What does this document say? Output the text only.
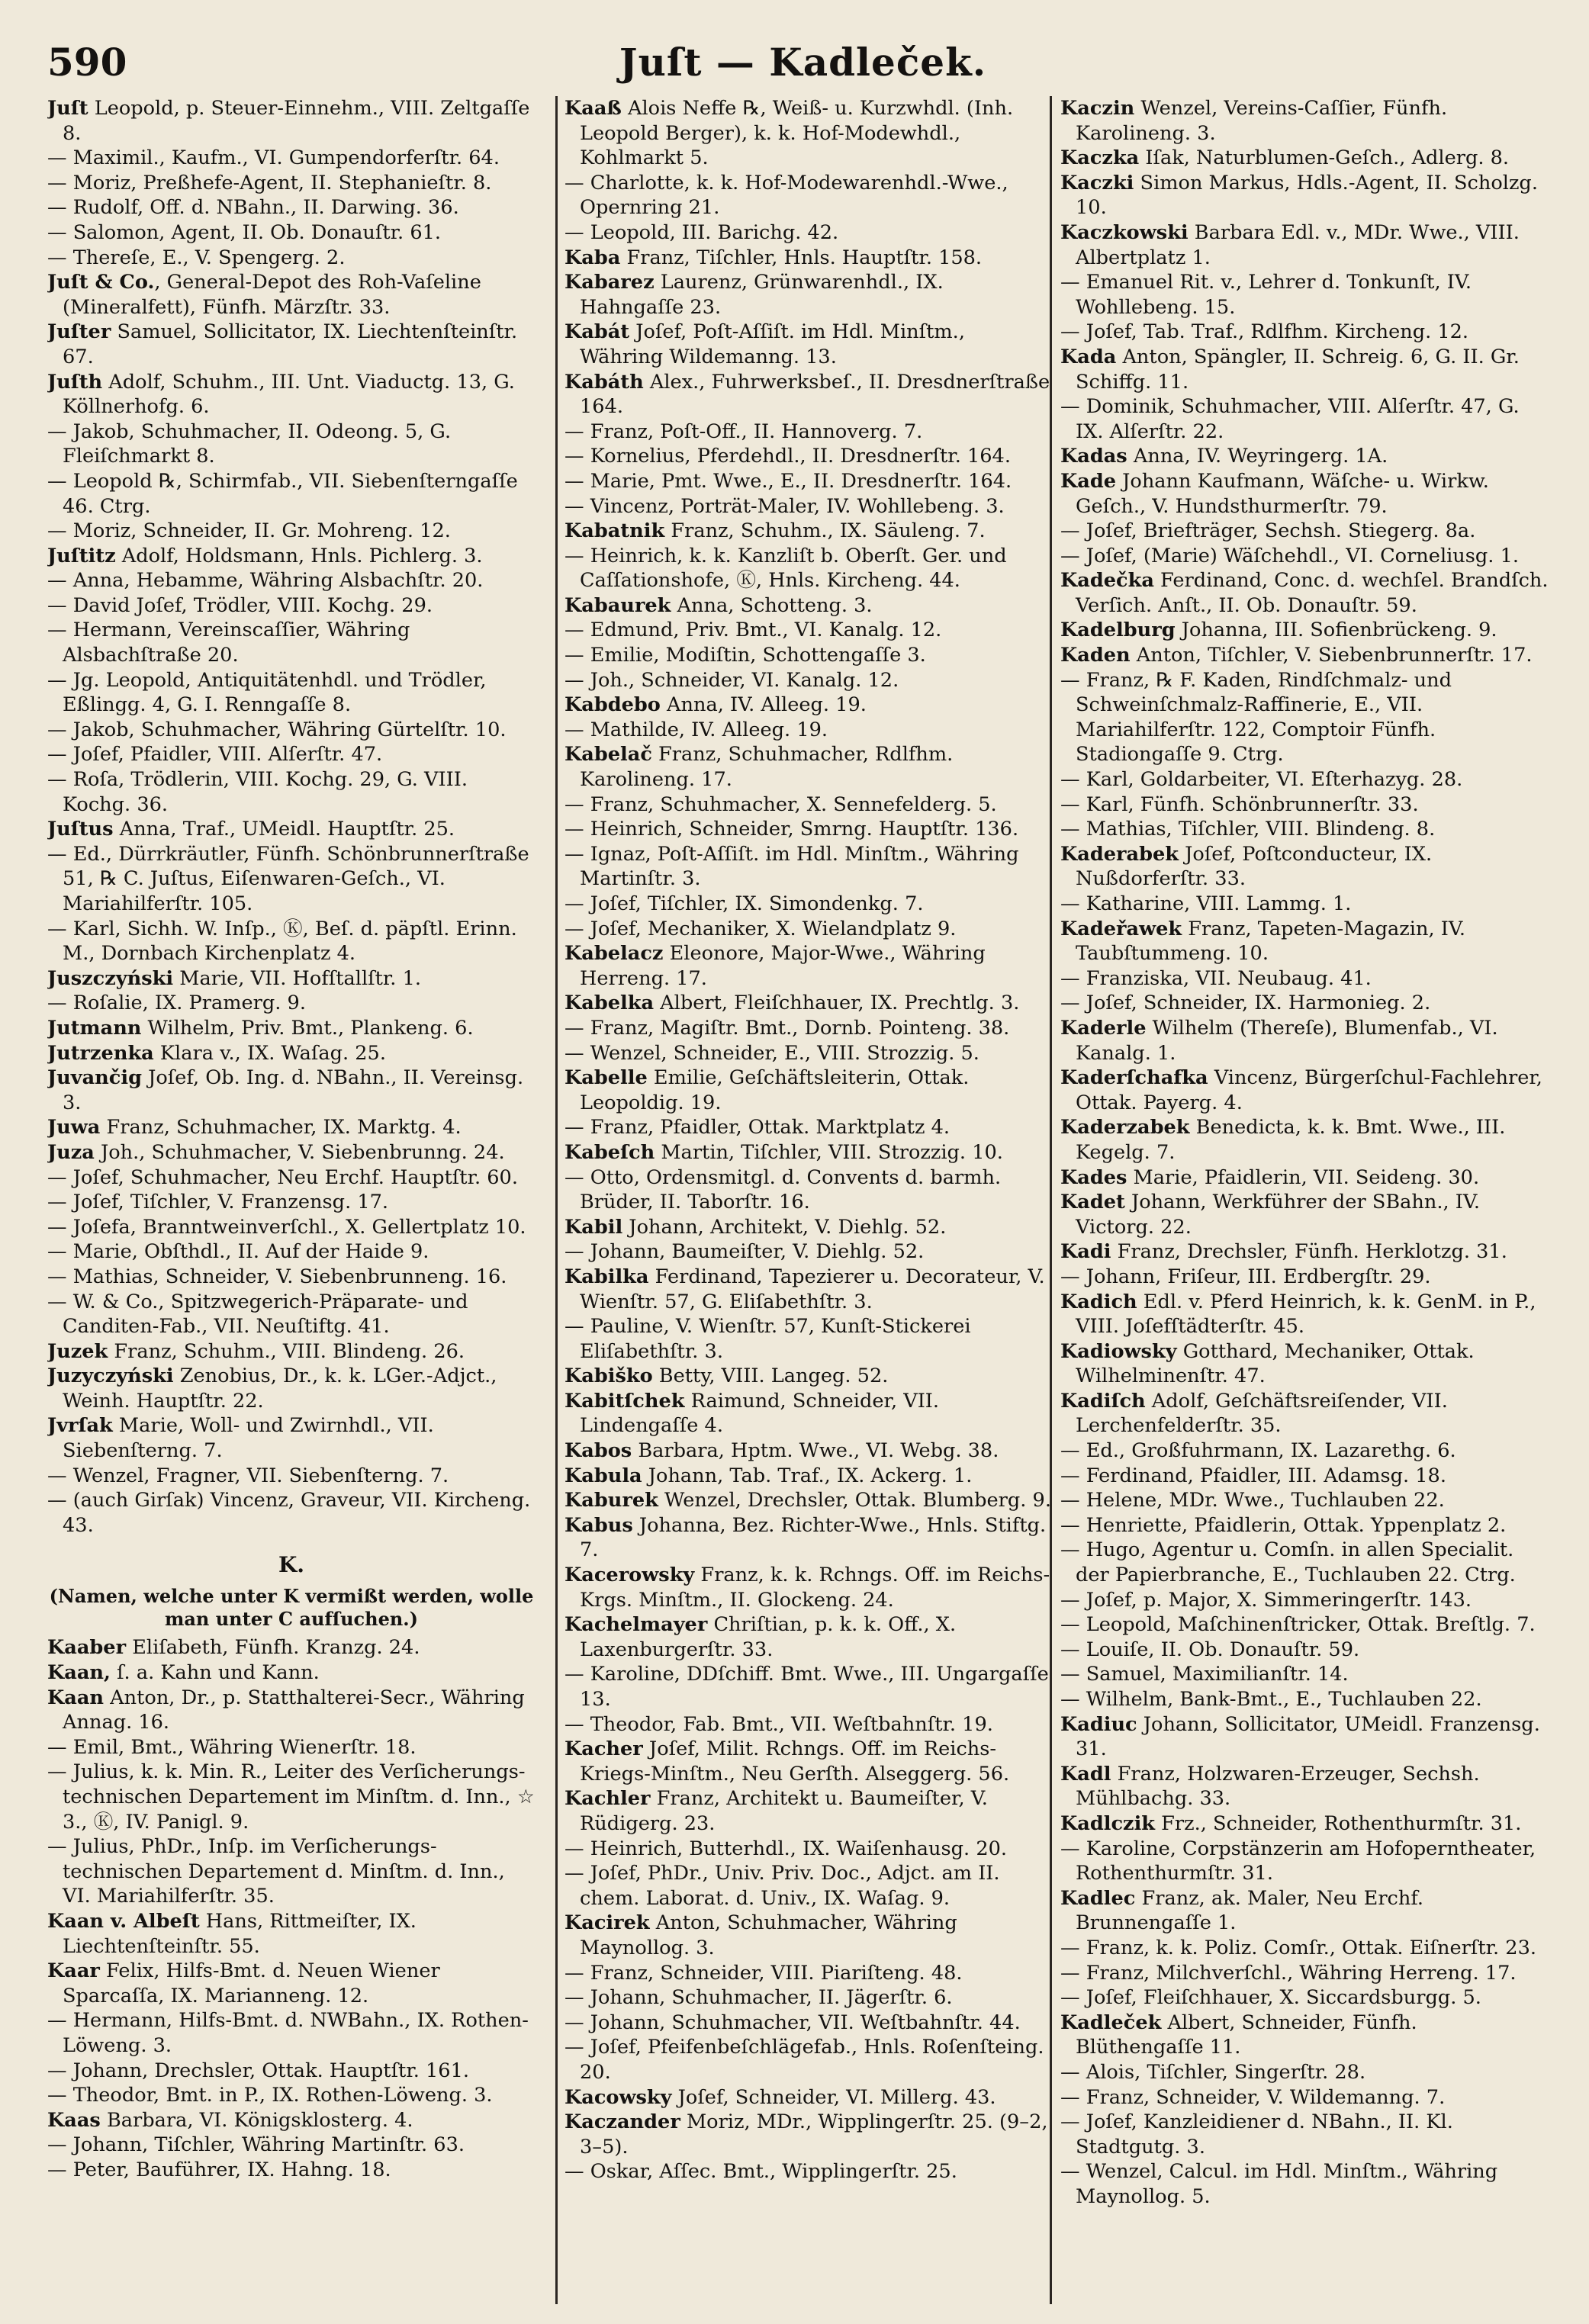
590	Juſt — Kadleček.

Juſt Leopold, p. Steuer-Einnehm., VIII. Zeltgaſſe 8.

— Maximil., Kaufm., VI. Gumpendorferſtr. 64.

— Moriz, Preßhefe-Agent, II. Stephanieſtr. 8.

— Rudolf, Off. d. NBahn., II. Darwing. 36.

— Salomon, Agent, II. Ob. Donauſtr. 61.

— Thereſe, E., V. Spengerg. 2.

Juſt & Co., General-Depot des Roh-Vaſeline (Mineralfett), Fünfh. Märzſtr. 33.

Juſter Samuel, Sollicitator, IX. Liechtenſteinſtr. 67.

Juſth Adolf, Schuhm., III. Unt. Viaductg. 13, G. Köllnerhofg. 6.

— Jakob, Schuhmacher, II. Odeong. 5, G. Fleiſchmarkt 8.

— Leopold ℞, Schirmfab., VII. Siebenſterngaſſe 46. Ctrg.

— Moriz, Schneider, II. Gr. Mohreng. 12.

Juſtitz Adolf, Holdsmann, Hnls. Pichlerg. 3.

— Anna, Hebamme, Währing Alsbachſtr. 20.

— David Joſef, Trödler, VIII. Kochg. 29.

— Hermann, Vereinscaſſier, Währing Alsbachſtraße 20.

— Jg. Leopold, Antiquitätenhdl. und Trödler, Eßlingg. 4, G. I. Renngaſſe 8.

— Jakob, Schuhmacher, Währing Gürtelſtr. 10.

— Joſef, Pfaidler, VIII. Alſerſtr. 47.

— Roſa, Trödlerin, VIII. Kochg. 29, G. VIII. Kochg. 36.

Juſtus Anna, Traf., UMeidl. Hauptſtr. 25.

— Ed., Dürrkräutler, Fünfh. Schönbrunnerſtraße 51, ℞ C. Juſtus, Eiſenwaren-Geſch., VI. Mariahilferſtr. 105.

— Karl, Sichh. W. Inſp., Ⓚ, Beſ. d. päpſtl. Erinn. M., Dornbach Kirchenplatz 4.

Juszczyński Marie, VII. Hofſtallſtr. 1.

— Roſalie, IX. Pramerg. 9.

Jutmann Wilhelm, Priv. Bmt., Plankeng. 6.

Jutrzenka Klara v., IX. Waſag. 25.

Juvančig Joſef, Ob. Ing. d. NBahn., II. Vereinsg. 3.

Juwa Franz, Schuhmacher, IX. Marktg. 4.

Juza Joh., Schuhmacher, V. Siebenbrunng. 24.

— Joſef, Schuhmacher, Neu Erchf. Hauptſtr. 60.

— Joſef, Tiſchler, V. Franzensg. 17.

— Joſefa, Branntweinverſchl., X. Gellertplatz 10.

— Marie, Obſthdl., II. Auf der Haide 9.

— Mathias, Schneider, V. Siebenbrunneng. 16.

— W. & Co., Spitzwegerich-Präparate- und Canditen-Fab., VII. Neuſtiftg. 41.

Juzek Franz, Schuhm., VIII. Blindeng. 26.

Juzyczyński Zenobius, Dr., k. k. LGer.-Adjct., Weinh. Hauptſtr. 22.

Jvrſak Marie, Woll- und Zwirnhdl., VII. Siebenſterng. 7.

— Wenzel, Fragner, VII. Siebenſterng. 7.

— (auch Girſak) Vincenz, Graveur, VII. Kircheng. 43.

K.
(Namen, welche unter K vermißt werden, wolle man unter C aufſuchen.)

Kaaber Eliſabeth, Fünfh. Kranzg. 24.

Kaan, ſ. a. Kahn und Kann.

Kaan Anton, Dr., p. Statthalterei-Secr., Währing Annag. 16.

— Emil, Bmt., Währing Wienerſtr. 18.

— Julius, k. k. Min. R., Leiter des Verſicherungs-technischen Departement im Minſtm. d. Inn., ☆ 3., Ⓚ, IV. Panigl. 9.

— Julius, PhDr., Inſp. im Verſicherungs-technischen Departement d. Minſtm. d. Inn., VI. Mariahilferſtr. 35.

Kaan v. Albeſt Hans, Rittmeiſter, IX. Liechtenſteinſtr. 55.

Kaar Felix, Hilfs-Bmt. d. Neuen Wiener Sparcaſſa, IX. Marianneng. 12.

— Hermann, Hilfs-Bmt. d. NWBahn., IX. Rothen-Löweng. 3.

— Johann, Drechsler, Ottak. Hauptſtr. 161.

— Theodor, Bmt. in P., IX. Rothen-Löweng. 3.

Kaas Barbara, VI. Königsklosterg. 4.

— Johann, Tiſchler, Währing Martinſtr. 63.

— Peter, Bauführer, IX. Hahng. 18.

Kaaß Alois Neffe ℞, Weiß- u. Kurzwhdl. (Inh. Leopold Berger), k. k. Hof-Modewhdl., Kohlmarkt 5.

— Charlotte, k. k. Hof-Modewarenhdl.-Wwe., Opernring 21.

— Leopold, III. Barichg. 42.

Kaba Franz, Tiſchler, Hnls. Hauptſtr. 158.

Kabarez Laurenz, Grünwarenhdl., IX. Hahngaſſe 23.

Kabát Joſef, Poſt-Aſſiſt. im Hdl. Minſtm., Währing Wildemanng. 13.

Kabáth Alex., Fuhrwerksbeſ., II. Dresdnerſtraße 164.

— Franz, Poſt-Off., II. Hannoverg. 7.

— Kornelius, Pferdehdl., II. Dresdnerſtr. 164.

— Marie, Pmt. Wwe., E., II. Dresdnerſtr. 164.

— Vincenz, Porträt-Maler, IV. Wohllebeng. 3.

Kabatnik Franz, Schuhm., IX. Säuleng. 7.

— Heinrich, k. k. Kanzliſt b. Oberſt. Ger. und Caſſationshofe, Ⓚ, Hnls. Kircheng. 44.

Kabaurek Anna, Schotteng. 3.

— Edmund, Priv. Bmt., VI. Kanalg. 12.

— Emilie, Modiſtin, Schottengaſſe 3.

— Joh., Schneider, VI. Kanalg. 12.

Kabdebo Anna, IV. Alleeg. 19.

— Mathilde, IV. Alleeg. 19.

Kabelač Franz, Schuhmacher, Rdlfhm. Karolineng. 17.

— Franz, Schuhmacher, X. Sennefelderg. 5.

— Heinrich, Schneider, Smrng. Hauptſtr. 136.

— Ignaz, Poſt-Aſſiſt. im Hdl. Minſtm., Währing Martinſtr. 3.

— Joſef, Tiſchler, IX. Simondenkg. 7.

— Joſef, Mechaniker, X. Wielandplatz 9.

Kabelacz Eleonore, Major-Wwe., Währing Herreng. 17.

Kabelka Albert, Fleiſchhauer, IX. Prechtlg. 3.

— Franz, Magiſtr. Bmt., Dornb. Pointeng. 38.

— Wenzel, Schneider, E., VIII. Strozzig. 5.

Kabelle Emilie, Geſchäftsleiterin, Ottak. Leopoldig. 19.

— Franz, Pfaidler, Ottak. Marktplatz 4.

Kabeſch Martin, Tiſchler, VIII. Strozzig. 10.

— Otto, Ordensmitgl. d. Convents d. barmh. Brüder, II. Taborſtr. 16.

Kabil Johann, Architekt, V. Diehlg. 52.

— Johann, Baumeiſter, V. Diehlg. 52.

Kabilka Ferdinand, Tapezierer u. Decorateur, V. Wienſtr. 57, G. Eliſabethſtr. 3.

— Pauline, V. Wienſtr. 57, Kunſt-Stickerei Eliſabethſtr. 3.

Kabiško Betty, VIII. Langeg. 52.

Kabitſchek Raimund, Schneider, VII. Lindengaſſe 4.

Kabos Barbara, Hptm. Wwe., VI. Webg. 38.

Kabula Johann, Tab. Traf., IX. Ackerg. 1.

Kaburek Wenzel, Drechsler, Ottak. Blumberg. 9.

Kabus Johanna, Bez. Richter-Wwe., Hnls. Stiftg. 7.

Kacerowsky Franz, k. k. Rchngs. Off. im Reichs-Krgs. Minſtm., II. Glockeng. 24.

Kachelmayer Chriſtian, p. k. k. Off., X. Laxenburgerſtr. 33.

— Karoline, DDſchiff. Bmt. Wwe., III. Ungargaſſe 13.

— Theodor, Fab. Bmt., VII. Weſtbahnſtr. 19.

Kacher Joſef, Milit. Rchngs. Off. im Reichs-Kriegs-Minſtm., Neu Gerſth. Alseggerg. 56.

Kachler Franz, Architekt u. Baumeiſter, V. Rüdigerg. 23.

— Heinrich, Butterhdl., IX. Waiſenhausg. 20.

— Joſef, PhDr., Univ. Priv. Doc., Adjct. am II. chem. Laborat. d. Univ., IX. Waſag. 9.

Kacirek Anton, Schuhmacher, Währing Maynollog. 3.

— Franz, Schneider, VIII. Piariſteng. 48.

— Johann, Schuhmacher, II. Jägerſtr. 6.

— Johann, Schuhmacher, VII. Weſtbahnſtr. 44.

— Joſef, Pfeifenbeſchlägefab., Hnls. Roſenſteing. 20.

Kacowsky Joſef, Schneider, VI. Millerg. 43.

Kaczander Moriz, MDr., Wipplingerſtr. 25. (9–2, 3–5).

— Oskar, Aſſec. Bmt., Wipplingerſtr. 25.

Kaczin Wenzel, Vereins-Caſſier, Fünfh. Karolineng. 3.

Kaczka Iſak, Naturblumen-Geſch., Adlerg. 8.

Kaczki Simon Markus, Hdls.-Agent, II. Scholzg. 10.

Kaczkowski Barbara Edl. v., MDr. Wwe., VIII. Albertplatz 1.

— Emanuel Rit. v., Lehrer d. Tonkunſt, IV. Wohllebeng. 15.

— Joſef, Tab. Traf., Rdlfhm. Kircheng. 12.

Kada Anton, Spängler, II. Schreig. 6, G. II. Gr. Schiffg. 11.

— Dominik, Schuhmacher, VIII. Alſerſtr. 47, G. IX. Alſerſtr. 22.

Kadas Anna, IV. Weyringerg. 1A.

Kade Johann Kaufmann, Wäſche- u. Wirkw. Geſch., V. Hundsthurmerſtr. 79.

— Joſef, Briefträger, Sechsh. Stiegerg. 8a.

— Joſef, (Marie) Wäſchehdl., VI. Corneliusg. 1.

Kadečka Ferdinand, Conc. d. wechſel. Brandſch. Verſich. Anſt., II. Ob. Donauſtr. 59.

Kadelburg Johanna, III. Sofienbrückeng. 9.

Kaden Anton, Tiſchler, V. Siebenbrunnerſtr. 17.

— Franz, ℞ F. Kaden, Rindſchmalz- und Schweinſchmalz-Raffinerie, E., VII. Mariahilferſtr. 122, Comptoir Fünfh. Stadiongaſſe 9. Ctrg.

— Karl, Goldarbeiter, VI. Eſterhazyg. 28.

— Karl, Fünfh. Schönbrunnerſtr. 33.

— Mathias, Tiſchler, VIII. Blindeng. 8.

Kaderabek Joſef, Poſtconducteur, IX. Nußdorferſtr. 33.

— Katharine, VIII. Lammg. 1.

Kadeřawek Franz, Tapeten-Magazin, IV. Taubſtummeng. 10.

— Franziska, VII. Neubaug. 41.

— Joſef, Schneider, IX. Harmonieg. 2.

Kaderle Wilhelm (Thereſe), Blumenfab., VI. Kanalg. 1.

Kaderſchafka Vincenz, Bürgerſchul-Fachlehrer, Ottak. Payerg. 4.

Kaderzabek Benedicta, k. k. Bmt. Wwe., III. Kegelg. 7.

Kades Marie, Pfaidlerin, VII. Seideng. 30.

Kadet Johann, Werkführer der SBahn., IV. Victorg. 22.

Kadi Franz, Drechsler, Fünfh. Herklotzg. 31.

— Johann, Friſeur, III. Erdbergſtr. 29.

Kadich Edl. v. Pferd Heinrich, k. k. GenM. in P., VIII. Joſefſtädterſtr. 45.

Kadiowsky Gotthard, Mechaniker, Ottak. Wilhelminenſtr. 47.

Kadiſch Adolf, Geſchäftsreiſender, VII. Lerchenfelderſtr. 35.

— Ed., Großfuhrmann, IX. Lazarethg. 6.

— Ferdinand, Pfaidler, III. Adamsg. 18.

— Helene, MDr. Wwe., Tuchlauben 22.

— Henriette, Pfaidlerin, Ottak. Yppenplatz 2.

— Hugo, Agentur u. Comſn. in allen Specialit. der Papierbranche, E., Tuchlauben 22. Ctrg.

— Joſef, p. Major, X. Simmeringerſtr. 143.

— Leopold, Maſchinenſtricker, Ottak. Breſtlg. 7.

— Louiſe, II. Ob. Donauſtr. 59.

— Samuel, Maximilianſtr. 14.

— Wilhelm, Bank-Bmt., E., Tuchlauben 22.

Kadiuc Johann, Sollicitator, UMeidl. Franzensg. 31.

Kadl Franz, Holzwaren-Erzeuger, Sechsh. Mühlbachg. 33.

Kadlczik Frz., Schneider, Rothenthurmſtr. 31.

— Karoline, Corpstänzerin am Hofoperntheater, Rothenthurmſtr. 31.

Kadlec Franz, ak. Maler, Neu Erchf. Brunnengaſſe 1.

— Franz, k. k. Poliz. Comſr., Ottak. Eiſnerſtr. 23.

— Franz, Milchverſchl., Währing Herreng. 17.

— Joſef, Fleiſchhauer, X. Siccardsburgg. 5.

Kadleček Albert, Schneider, Fünfh. Blüthengaſſe 11.

— Alois, Tiſchler, Singerſtr. 28.

— Franz, Schneider, V. Wildemanng. 7.

— Joſef, Kanzleidiener d. NBahn., II. Kl. Stadtgutg. 3.

— Wenzel, Calcul. im Hdl. Minſtm., Währing Maynollog. 5.
